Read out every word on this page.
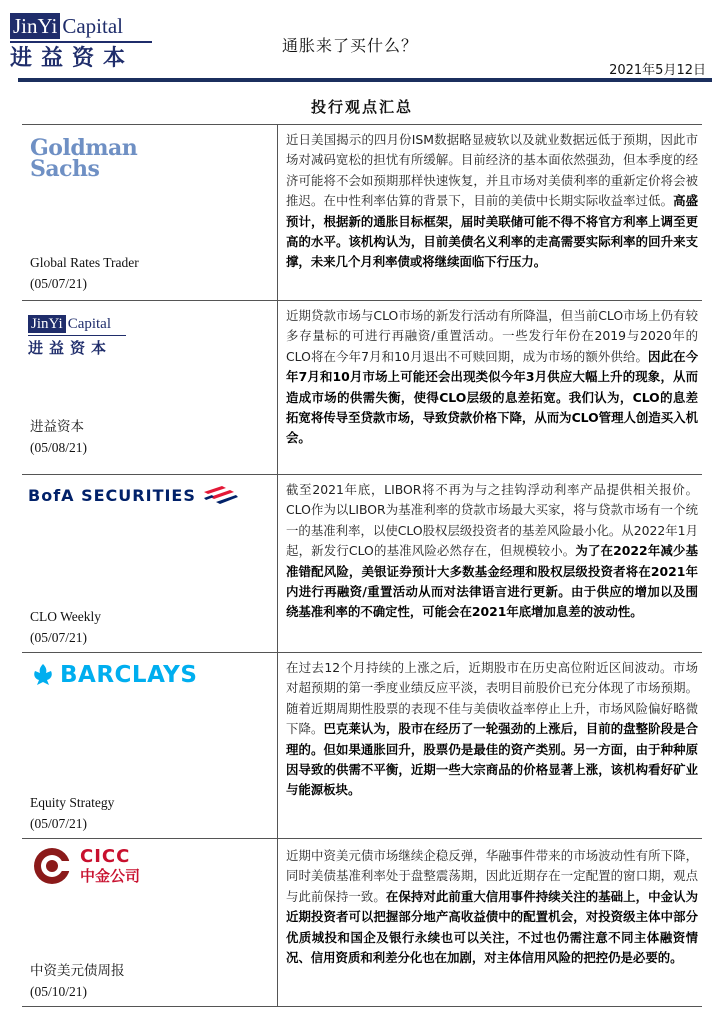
JinYi Capital
进益资本
通胀来了买什么？
2021年5月12日
投行观点汇总
Goldman
Sachs
Global Rates Trader
(05/07/21)
近日美国揭示的四月份ISM数据略显疲软以及就业数据远低于预期，因此市场对减码宽松的担忧有所缓解。目前经济的基本面依然强劲，但本季度的经济可能将不会如预期那样快速恢复，并且市场对美债利率的重新定价将会被推迟。在中性利率估算的背景下，目前的美债中长期实际收益率过低。高盛预计，根据新的通胀目标框架，届时美联储可能不得不将官方利率上调至更高的水平。该机构认为，目前美债名义利率的走高需要实际利率的回升来支撑，未来几个月利率债或将继续面临下行压力。
JinYi Capital
进益资本
进益资本
(05/08/21)
近期贷款市场与CLO市场的新发行活动有所降温，但当前CLO市场上仍有较多存量标的可进行再融资/重置活动。一些发行年份在2019与2020年的CLO将在今年7月和10月退出不可赎回期，成为市场的额外供给。因此在今年7月和10月市场上可能还会出现类似今年3月供应大幅上升的现象，从而造成市场的供需失衡，使得CLO层级的息差拓宽。我们认为，CLO的息差拓宽将传导至贷款市场，导致贷款价格下降，从而为CLO管理人创造买入机会。
BofA SECURITIES
CLO Weekly
(05/07/21)
截至2021年底，LIBOR将不再为与之挂钩浮动利率产品提供相关报价。CLO作为以LIBOR为基准利率的贷款市场最大买家，将与贷款市场有一个统一的基准利率，以使CLO股权层级投资者的基差风险最小化。从2022年1月起，新发行CLO的基准风险必然存在，但规模较小。为了在2022年减少基准错配风险，美银证券预计大多数基金经理和股权层级投资者将在2021年内进行再融资/重置活动从而对法律语言进行更新。由于供应的增加以及围绕基准利率的不确定性，可能会在2021年底增加息差的波动性。
BARCLAYS
Equity Strategy
(05/07/21)
在过去12个月持续的上涨之后，近期股市在历史高位附近区间波动。市场对超预期的第一季度业绩反应平淡，表明目前股价已充分体现了市场预期。随着近期周期性股票的表现不佳与美债收益率停止上升，市场风险偏好略微下降。巴克莱认为，股市在经历了一轮强劲的上涨后，目前的盘整阶段是合理的。但如果通胀回升，股票仍是最佳的资产类别。另一方面，由于种种原因导致的供需不平衡，近期一些大宗商品的价格显著上涨，该机构看好矿业与能源板块。
CICC
中金公司
中资美元债周报
(05/10/21)
近期中资美元债市场继续企稳反弹，华融事件带来的市场波动性有所下降，同时美债基准利率处于盘整震荡期，因此近期存在一定配置的窗口期，观点与此前保持一致。在保持对此前重大信用事件持续关注的基础上，中金认为近期投资者可以把握部分地产高收益债中的配置机会，对投资级主体中部分优质城投和国企及银行永续也可以关注，不过也仍需注意不同主体融资情况、信用资质和利差分化也在加剧，对主体信用风险的把控仍是必要的。
